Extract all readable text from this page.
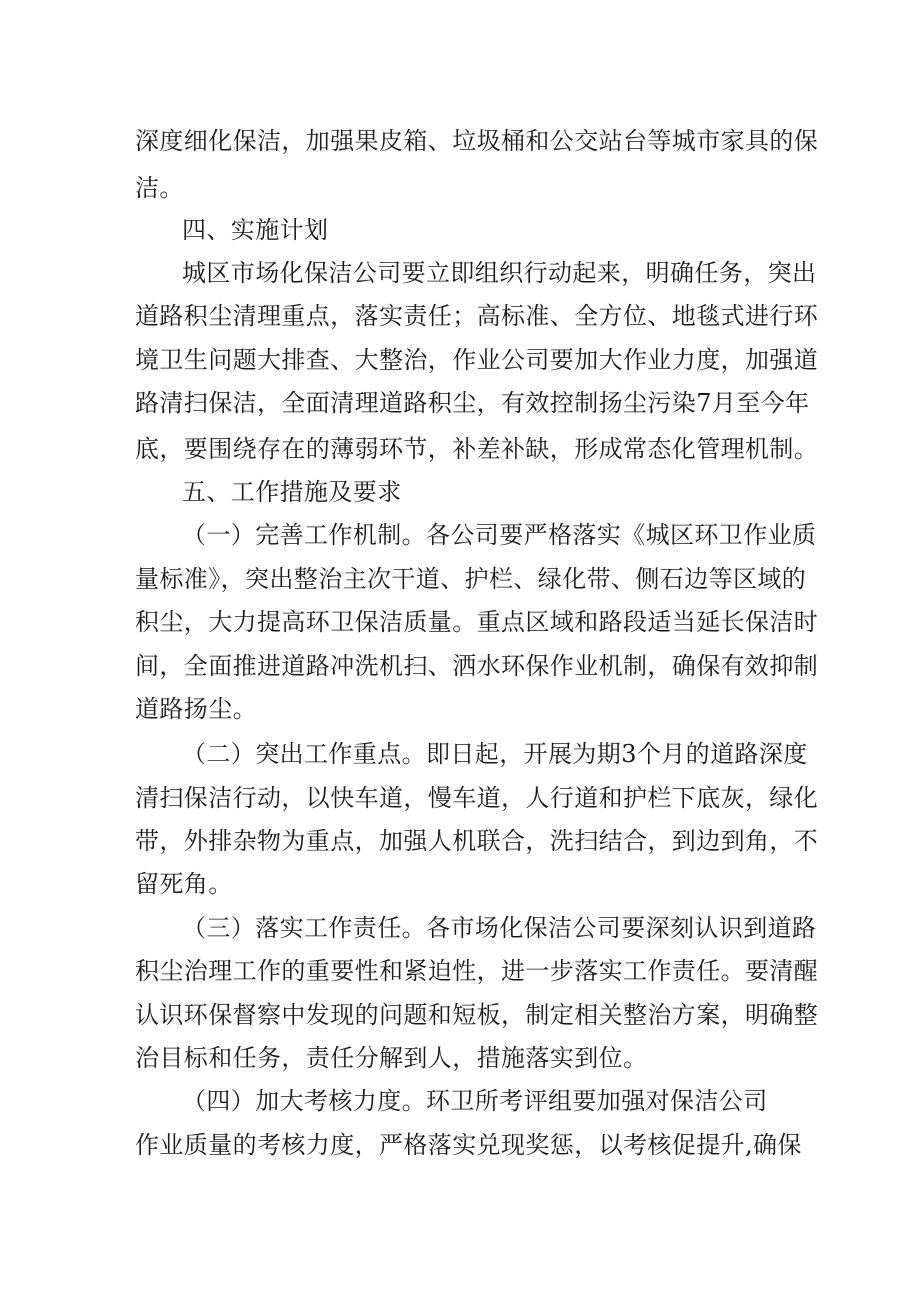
深度细化保洁，加强果皮箱、垃圾桶和公交站台等城市家具的保
洁。
四、实施计划
城区市场化保洁公司要立即组织行动起来，明确任务，突出
道路积尘清理重点，落实责任；高标准、全方位、地毯式进行环
境卫生问题大排查、大整治，作业公司要加大作业力度，加强道
路清扫保洁，全面清理道路积尘，有效控制扬尘污染7月至今年
底，要围绕存在的薄弱环节，补差补缺，形成常态化管理机制。
五、工作措施及要求
（一）完善工作机制。各公司要严格落实《城区环卫作业质
量标准》，突出整治主次干道、护栏、绿化带、侧石边等区域的
积尘，大力提高环卫保洁质量。重点区域和路段适当延长保洁时
间，全面推进道路冲洗机扫、洒水环保作业机制，确保有效抑制
道路扬尘。
（二）突出工作重点。即日起，开展为期3个月的道路深度
清扫保洁行动，以快车道，慢车道，人行道和护栏下底灰，绿化
带，外排杂物为重点，加强人机联合，洗扫结合，到边到角，不
留死角。
（三）落实工作责任。各市场化保洁公司要深刻认识到道路
积尘治理工作的重要性和紧迫性，进一步落实工作责任。要清醒
认识环保督察中发现的问题和短板，制定相关整治方案，明确整
治目标和任务，责任分解到人，措施落实到位。
（四）加大考核力度。环卫所考评组要加强对保洁公司
作业质量的考核力度，严格落实兑现奖惩，以考核促提升,确保
